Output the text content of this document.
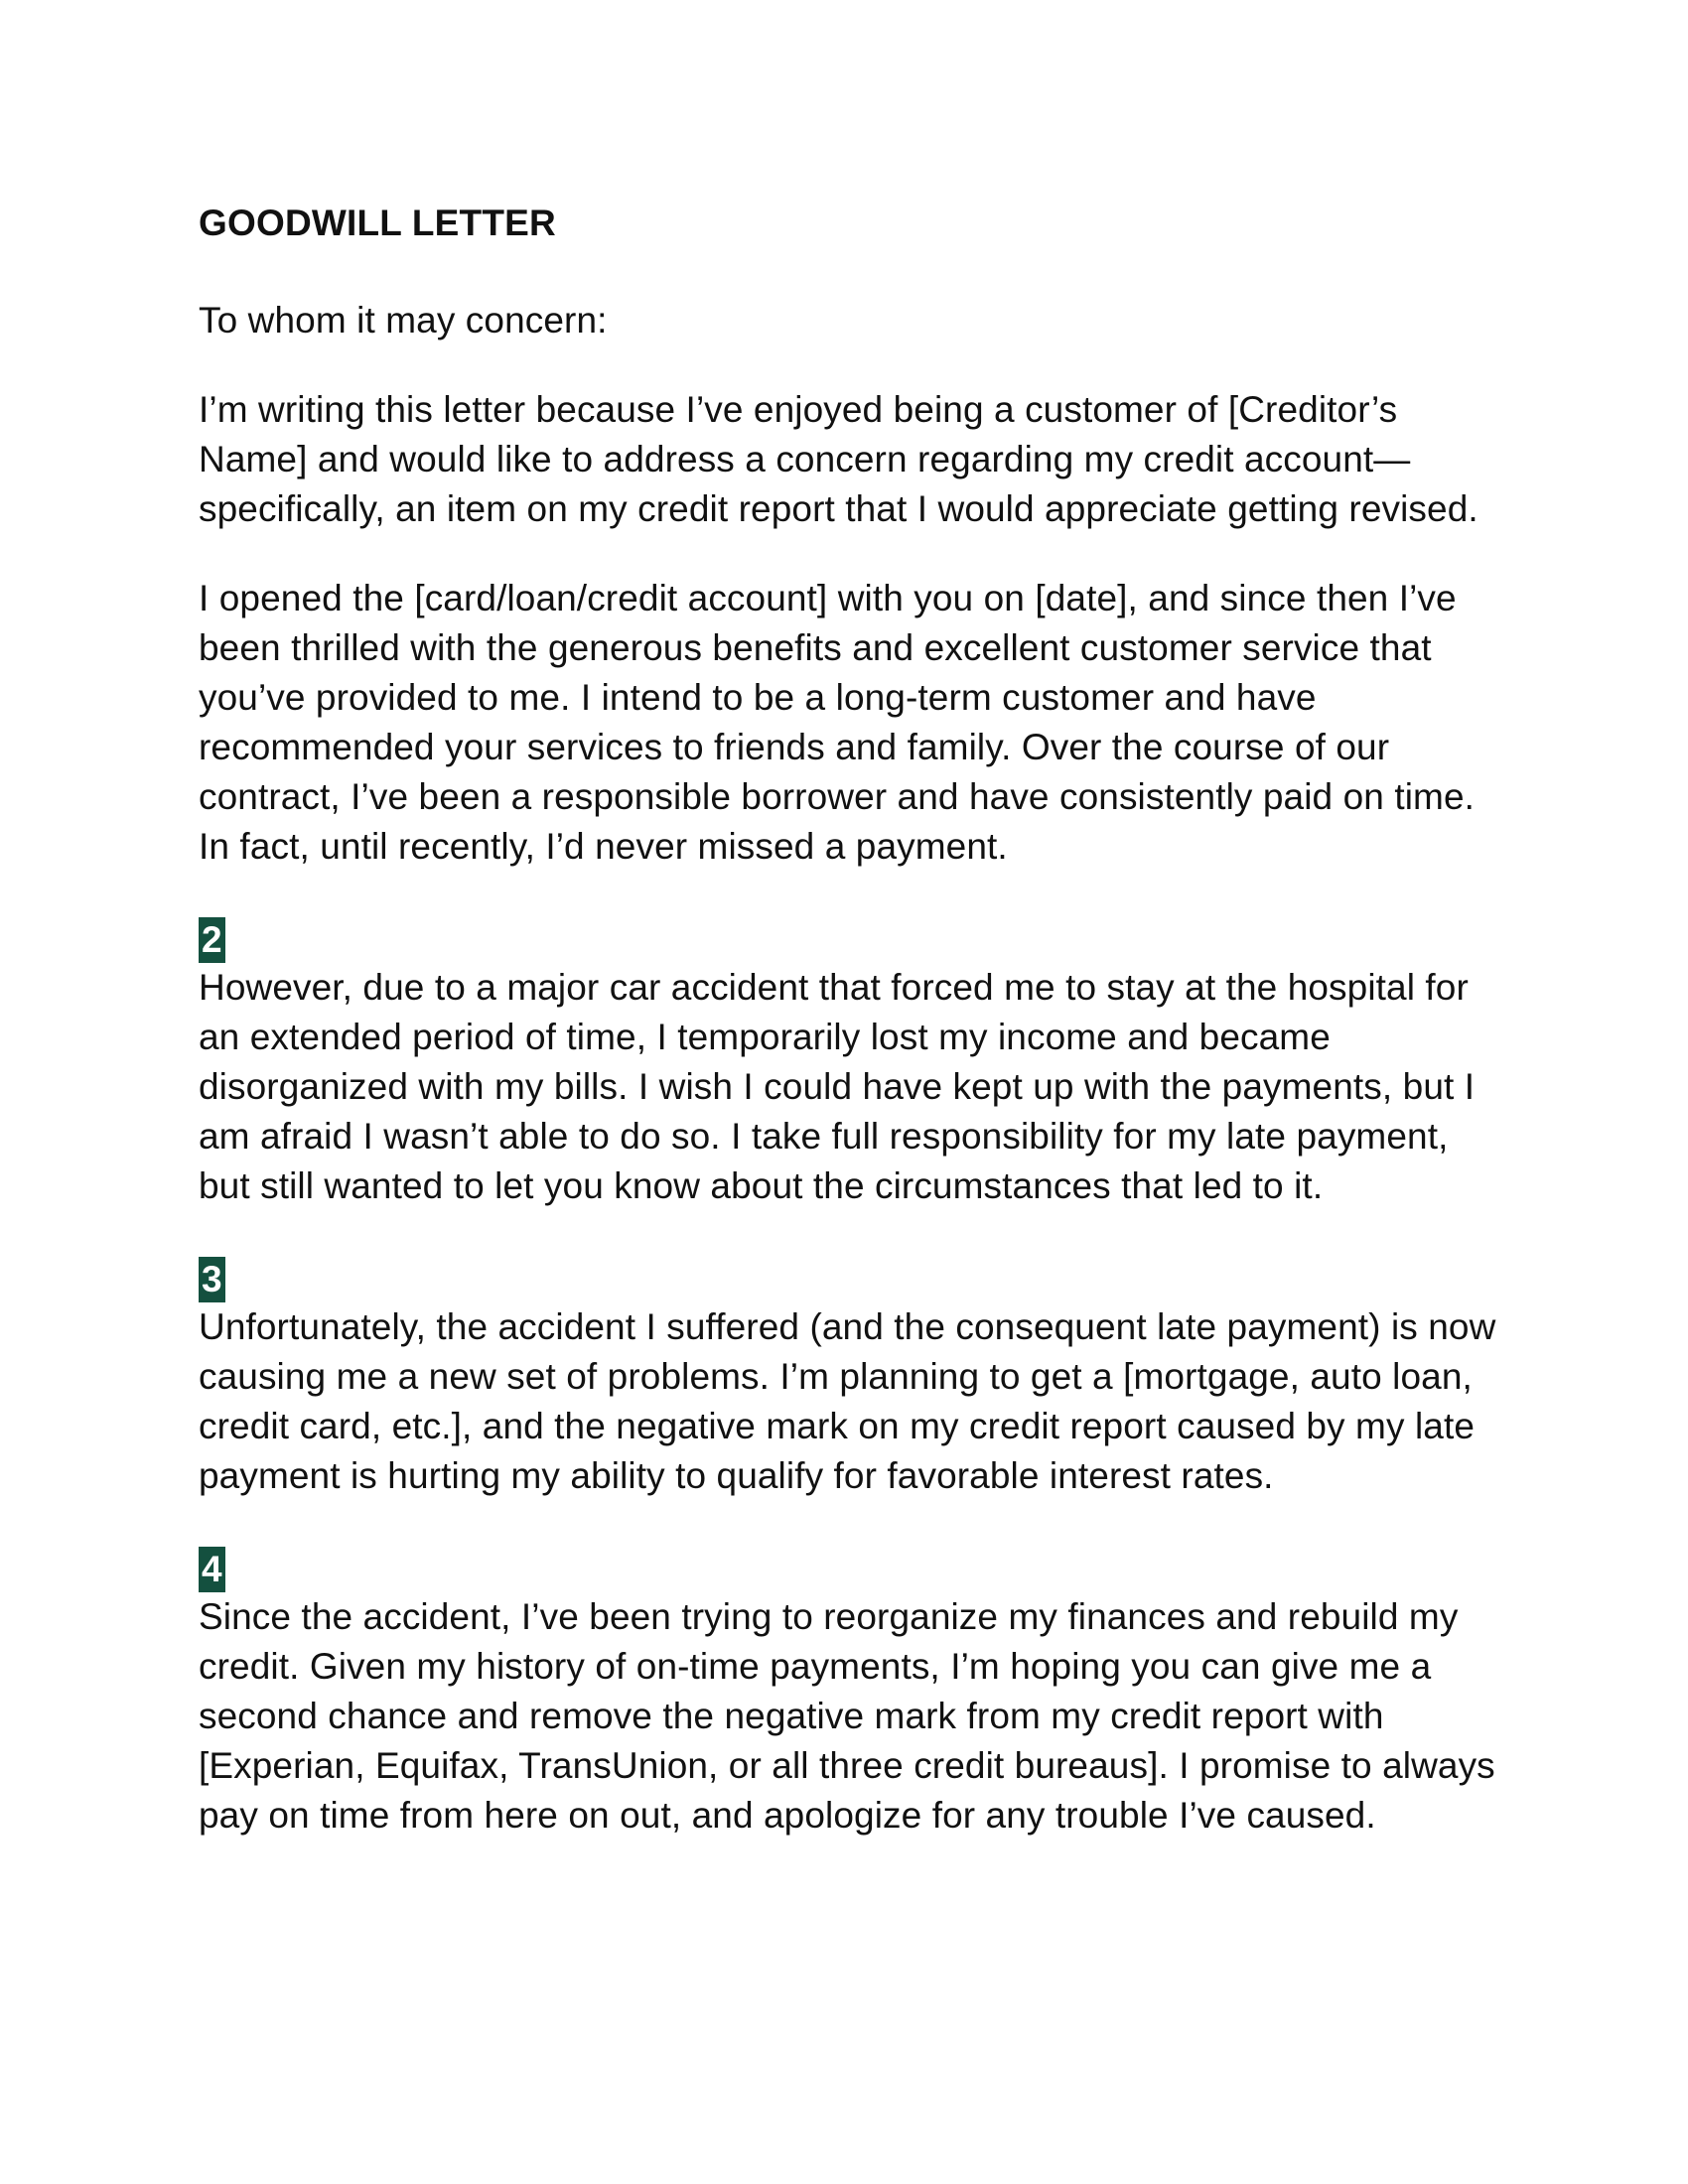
GOODWILL LETTER

To whom it may concern:

I’m writing this letter because I’ve enjoyed being a customer of [Creditor’s Name] and would like to address a concern regarding my credit account—specifically, an item on my credit report that I would appreciate getting revised.

I opened the [card/loan/credit account] with you on [date], and since then I’ve been thrilled with the generous benefits and excellent customer service that you’ve provided to me. I intend to be a long-term customer and have recommended your services to friends and family. Over the course of our contract, I’ve been a responsible borrower and have consistently paid on time. In fact, until recently, I’d never missed a payment.

2

However, due to a major car accident that forced me to stay at the hospital for an extended period of time, I temporarily lost my income and became disorganized with my bills. I wish I could have kept up with the payments, but I am afraid I wasn’t able to do so. I take full responsibility for my late payment, but still wanted to let you know about the circumstances that led to it.

3

Unfortunately, the accident I suffered (and the consequent late payment) is now causing me a new set of problems. I’m planning to get a [mortgage, auto loan, credit card, etc.], and the negative mark on my credit report caused by my late payment is hurting my ability to qualify for favorable interest rates.

4

Since the accident, I’ve been trying to reorganize my finances and rebuild my credit. Given my history of on-time payments, I’m hoping you can give me a second chance and remove the negative mark from my credit report with [Experian, Equifax, TransUnion, or all three credit bureaus]. I promise to always pay on time from here on out, and apologize for any trouble I’ve caused.
